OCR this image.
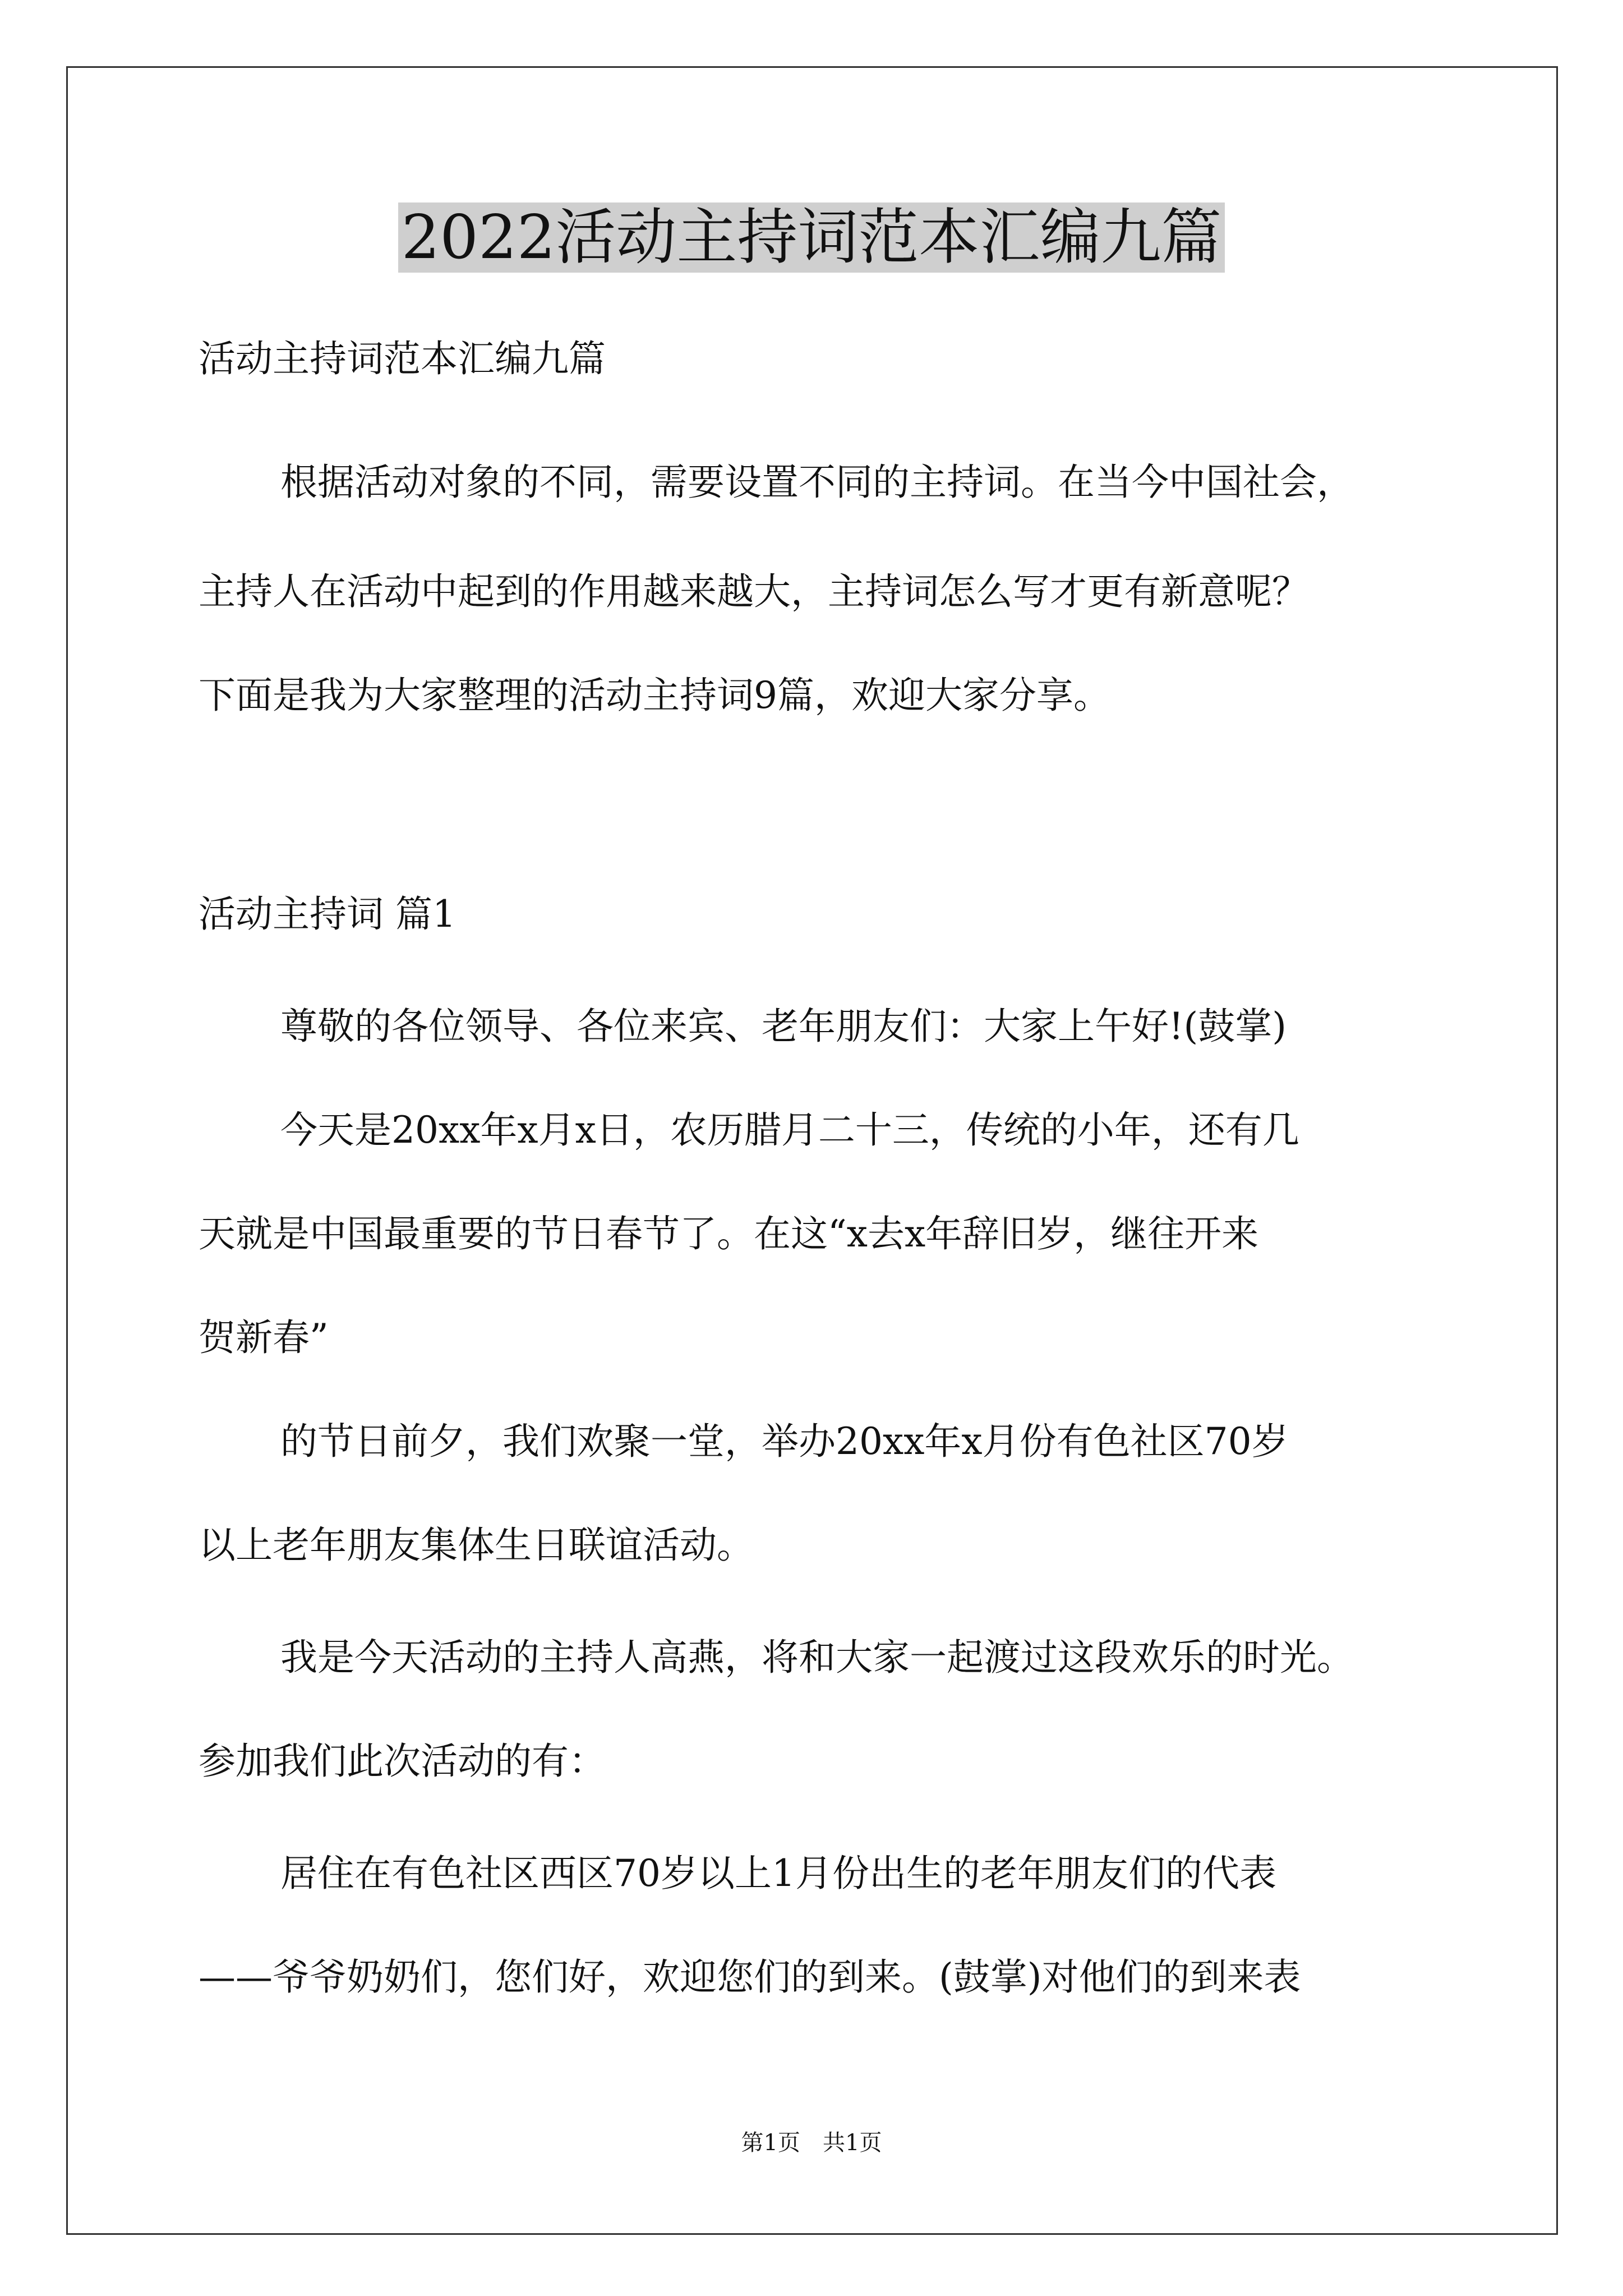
2022活动主持词范本汇编九篇
活动主持词范本汇编九篇
根据活动对象的不同，需要设置不同的主持词。在当今中国社会，
主持人在活动中起到的作用越来越大，主持词怎么写才更有新意呢？
下面是我为大家整理的活动主持词9篇，欢迎大家分享。
活动主持词 篇1
尊敬的各位领导、各位来宾、老年朋友们：大家上午好!(鼓掌)
今天是20xx年x月x日，农历腊月二十三，传统的小年，还有几
天就是中国最重要的节日春节了。在这“x去x年辞旧岁，继往开来
贺新春”
的节日前夕，我们欢聚一堂，举办20xx年x月份有色社区70岁
以上老年朋友集体生日联谊活动。
我是今天活动的主持人高燕，将和大家一起渡过这段欢乐的时光。
参加我们此次活动的有：
居住在有色社区西区70岁以上1月份出生的老年朋友们的代表
——爷爷奶奶们，您们好，欢迎您们的到来。(鼓掌)对他们的到来表
第1页　共1页
